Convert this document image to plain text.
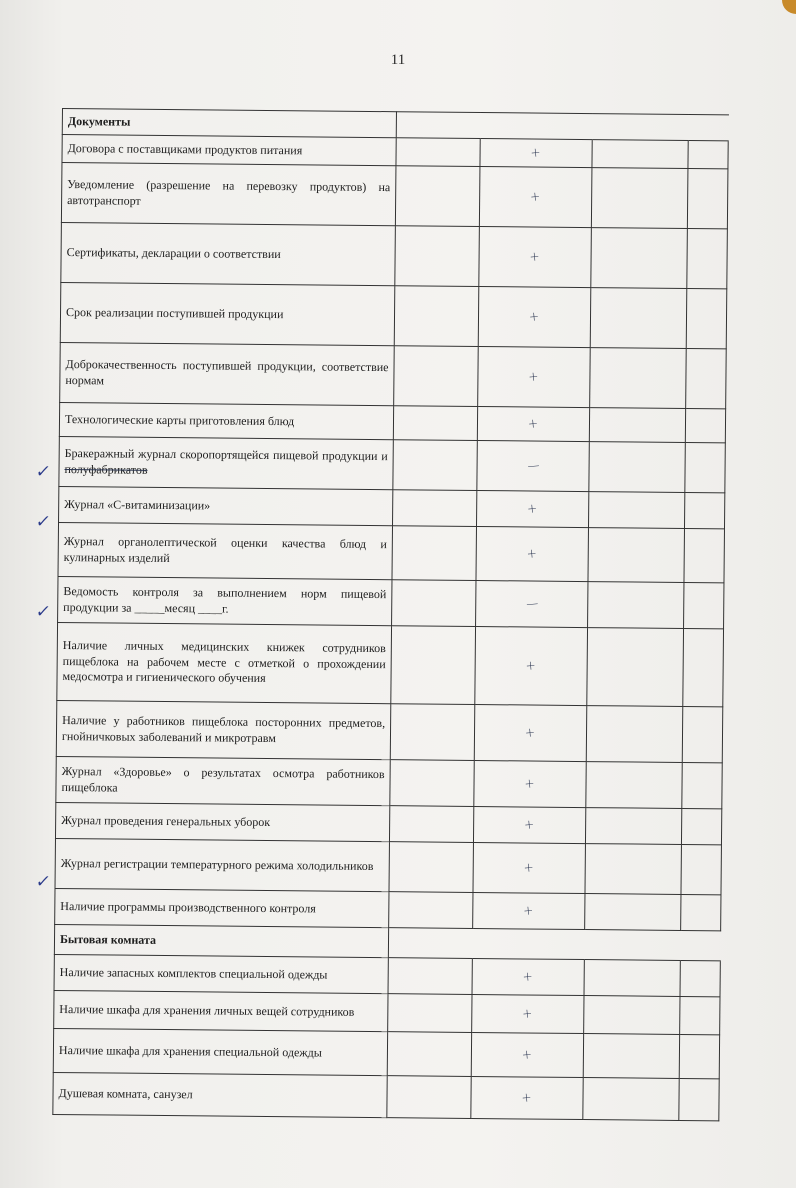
11
Документы				
Договора с поставщиками продуктов питания		+		
Уведомление (разрешение на перевозку продуктов) на автотранспорт		+		
Сертификаты, декларации о соответствии		+		
Срок реализации поступившей продукции		+		
Доброкачественность поступившей продукции, соответствие нормам		+		
Технологические карты приготовления блюд		+		
Бракеражный журнал скоропортящейся пищевой продукции и полуфабрикатов		—		
Журнал «С-витаминизации»		+		
Журнал органолептической оценки качества блюд и кулинарных изделий		+		
Ведомость контроля за выполнением норм пищевой продукции за _____месяц ____г.		—		
Наличие личных медицинских книжек сотрудников пищеблока на рабочем месте с отметкой о прохождении медосмотра и гигиенического обучения		+		
Наличие у работников пищеблока посторонних предметов, гнойничковых заболеваний и микротравм		+		
Журнал «Здоровье» о результатах осмотра работников пищеблока		+		
Журнал проведения генеральных уборок		+		
Журнал регистрации температурного режима холодильников		+		
Наличие программы производственного контроля		+		
Бытовая комната				
Наличие запасных комплектов специальной одежды		+		
Наличие шкафа для хранения личных вещей сотрудников		+		
Наличие шкафа для хранения специальной одежды		+		
Душевая комната, санузел		+		
✓
✓
✓
✓
